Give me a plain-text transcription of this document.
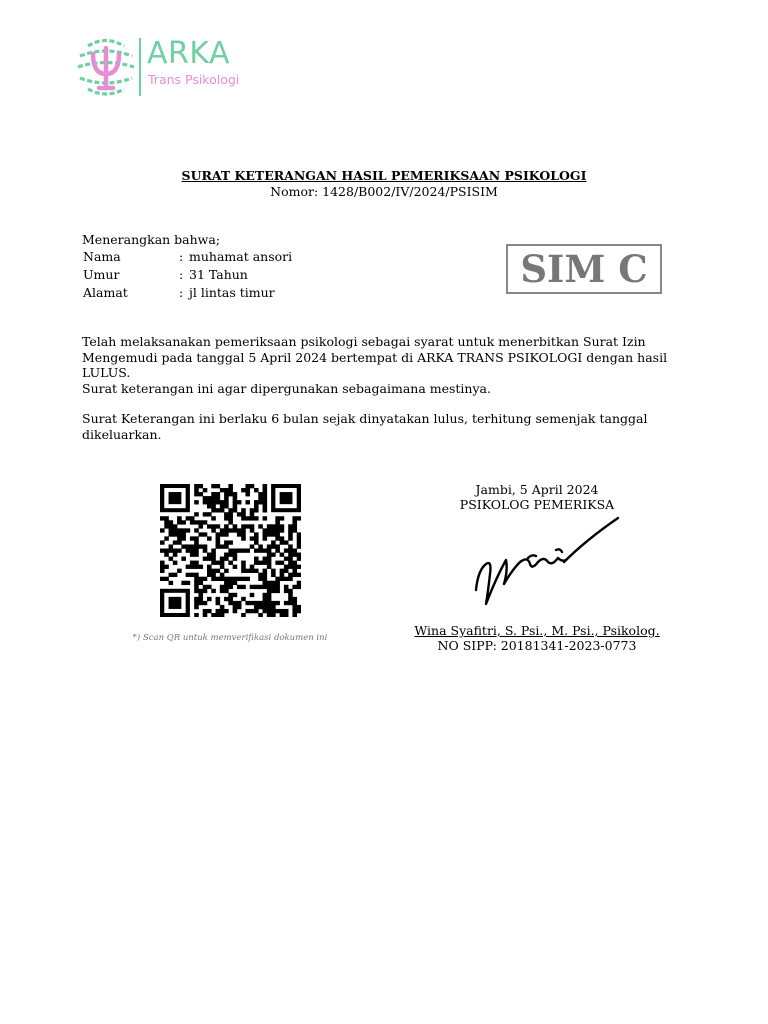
ARKA
Trans Psikologi
SURAT KETERANGAN HASIL PEMERIKSAAN PSIKOLOGI
Nomor: 1428/B002/IV/2024/PSISIM
Menerangkan bahwa;
Nama	:	muhamat ansori
Umur	:	31 Tahun
Alamat	:	jl lintas timur
SIM C
Telah melaksanakan pemeriksaan psikologi sebagai syarat untuk menerbitkan Surat Izin Mengemudi pada tanggal 5 April 2024 bertempat di ARKA TRANS PSIKOLOGI dengan hasil LULUS.
Surat keterangan ini agar dipergunakan sebagaimana mestinya.
Surat Keterangan ini berlaku 6 bulan sejak dinyatakan lulus, terhitung semenjak tanggal dikeluarkan.
*) Scan QR untuk memverifikasi dokumen ini
Jambi, 5 April 2024
PSIKOLOG PEMERIKSA
Wina Syafitri, S. Psi., M. Psi., Psikolog.
NO SIPP: 20181341-2023-0773
